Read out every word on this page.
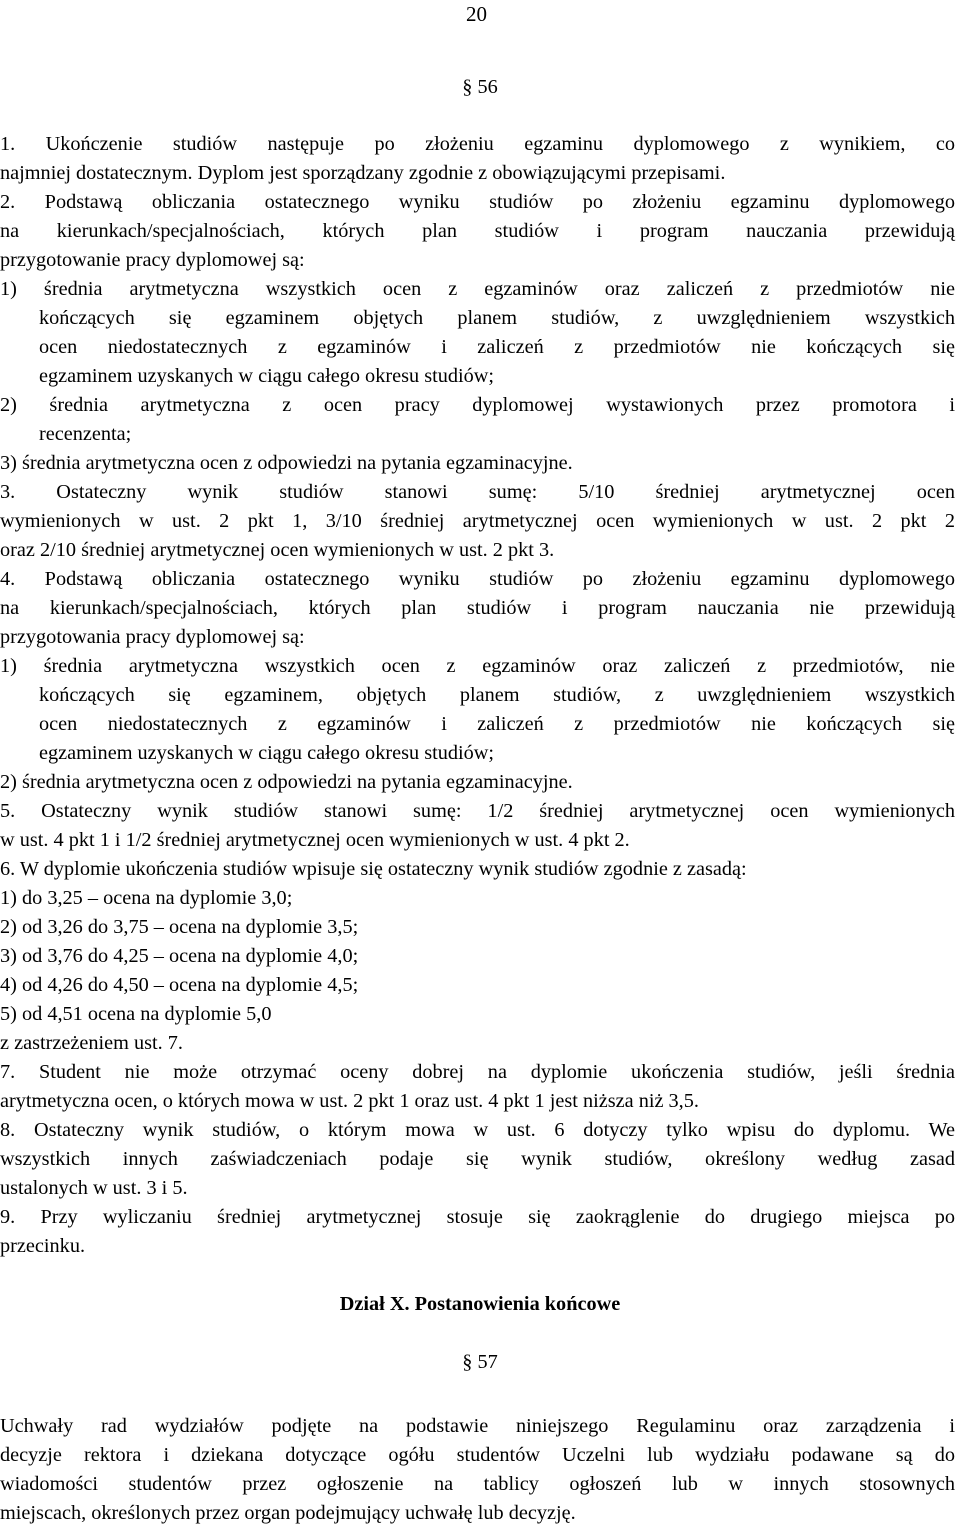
20
§ 56
1. Ukończenie studiów następuje po złożeniu egzaminu dyplomowego z wynikiem, co
najmniej dostatecznym. Dyplom jest sporządzany zgodnie z obowiązującymi przepisami.
2. Podstawą obliczania ostatecznego wyniku studiów po złożeniu egzaminu dyplomowego
na kierunkach/specjalnościach, których plan studiów i program nauczania przewidują
przygotowanie pracy dyplomowej są:
1) średnia arytmetyczna wszystkich ocen z egzaminów oraz zaliczeń z przedmiotów nie
kończących się egzaminem objętych planem studiów, z uwzględnieniem wszystkich
ocen niedostatecznych z egzaminów i zaliczeń z przedmiotów nie kończących się
egzaminem uzyskanych w ciągu całego okresu studiów;
2) średnia arytmetyczna z ocen pracy dyplomowej wystawionych przez promotora i
recenzenta;
3) średnia arytmetyczna ocen z odpowiedzi na pytania egzaminacyjne.
3. Ostateczny wynik studiów stanowi sumę: 5/10 średniej arytmetycznej ocen
wymienionych w ust. 2 pkt 1, 3/10 średniej arytmetycznej ocen wymienionych w ust. 2 pkt 2
oraz 2/10 średniej arytmetycznej ocen wymienionych w ust. 2 pkt 3.
4. Podstawą obliczania ostatecznego wyniku studiów po złożeniu egzaminu dyplomowego
na kierunkach/specjalnościach, których plan studiów i program nauczania nie przewidują
przygotowania pracy dyplomowej są:
1) średnia arytmetyczna wszystkich ocen z egzaminów oraz zaliczeń z przedmiotów, nie
kończących się egzaminem, objętych planem studiów, z uwzględnieniem wszystkich
ocen niedostatecznych z egzaminów i zaliczeń z przedmiotów nie kończących się
egzaminem uzyskanych w ciągu całego okresu studiów;
2) średnia arytmetyczna ocen z odpowiedzi na pytania egzaminacyjne.
5. Ostateczny wynik studiów stanowi sumę: 1/2 średniej arytmetycznej ocen wymienionych
w ust. 4 pkt 1 i 1/2 średniej arytmetycznej ocen wymienionych w ust. 4 pkt 2.
6. W dyplomie ukończenia studiów wpisuje się ostateczny wynik studiów zgodnie z zasadą:
1) do 3,25 – ocena na dyplomie 3,0;
2) od 3,26 do 3,75 – ocena na dyplomie 3,5;
3) od 3,76 do 4,25 – ocena na dyplomie 4,0;
4) od 4,26 do 4,50 – ocena na dyplomie 4,5;
5) od 4,51 ocena na dyplomie 5,0
z zastrzeżeniem ust. 7.
7. Student nie może otrzymać oceny dobrej na dyplomie ukończenia studiów, jeśli średnia
arytmetyczna ocen, o których mowa w ust. 2 pkt 1 oraz ust. 4 pkt 1 jest niższa niż 3,5.
8. Ostateczny wynik studiów, o którym mowa w ust. 6 dotyczy tylko wpisu do dyplomu. We
wszystkich innych zaświadczeniach podaje się wynik studiów, określony według zasad
ustalonych w ust. 3 i 5.
9. Przy wyliczaniu średniej arytmetycznej stosuje się zaokrąglenie do drugiego miejsca po
przecinku.
Dział X. Postanowienia końcowe
§ 57
Uchwały rad wydziałów podjęte na podstawie niniejszego Regulaminu oraz zarządzenia i
decyzje rektora i dziekana dotyczące ogółu studentów Uczelni lub wydziału podawane są do
wiadomości studentów przez ogłoszenie na tablicy ogłoszeń lub w innych stosownych
miejscach, określonych przez organ podejmujący uchwałę lub decyzję.
